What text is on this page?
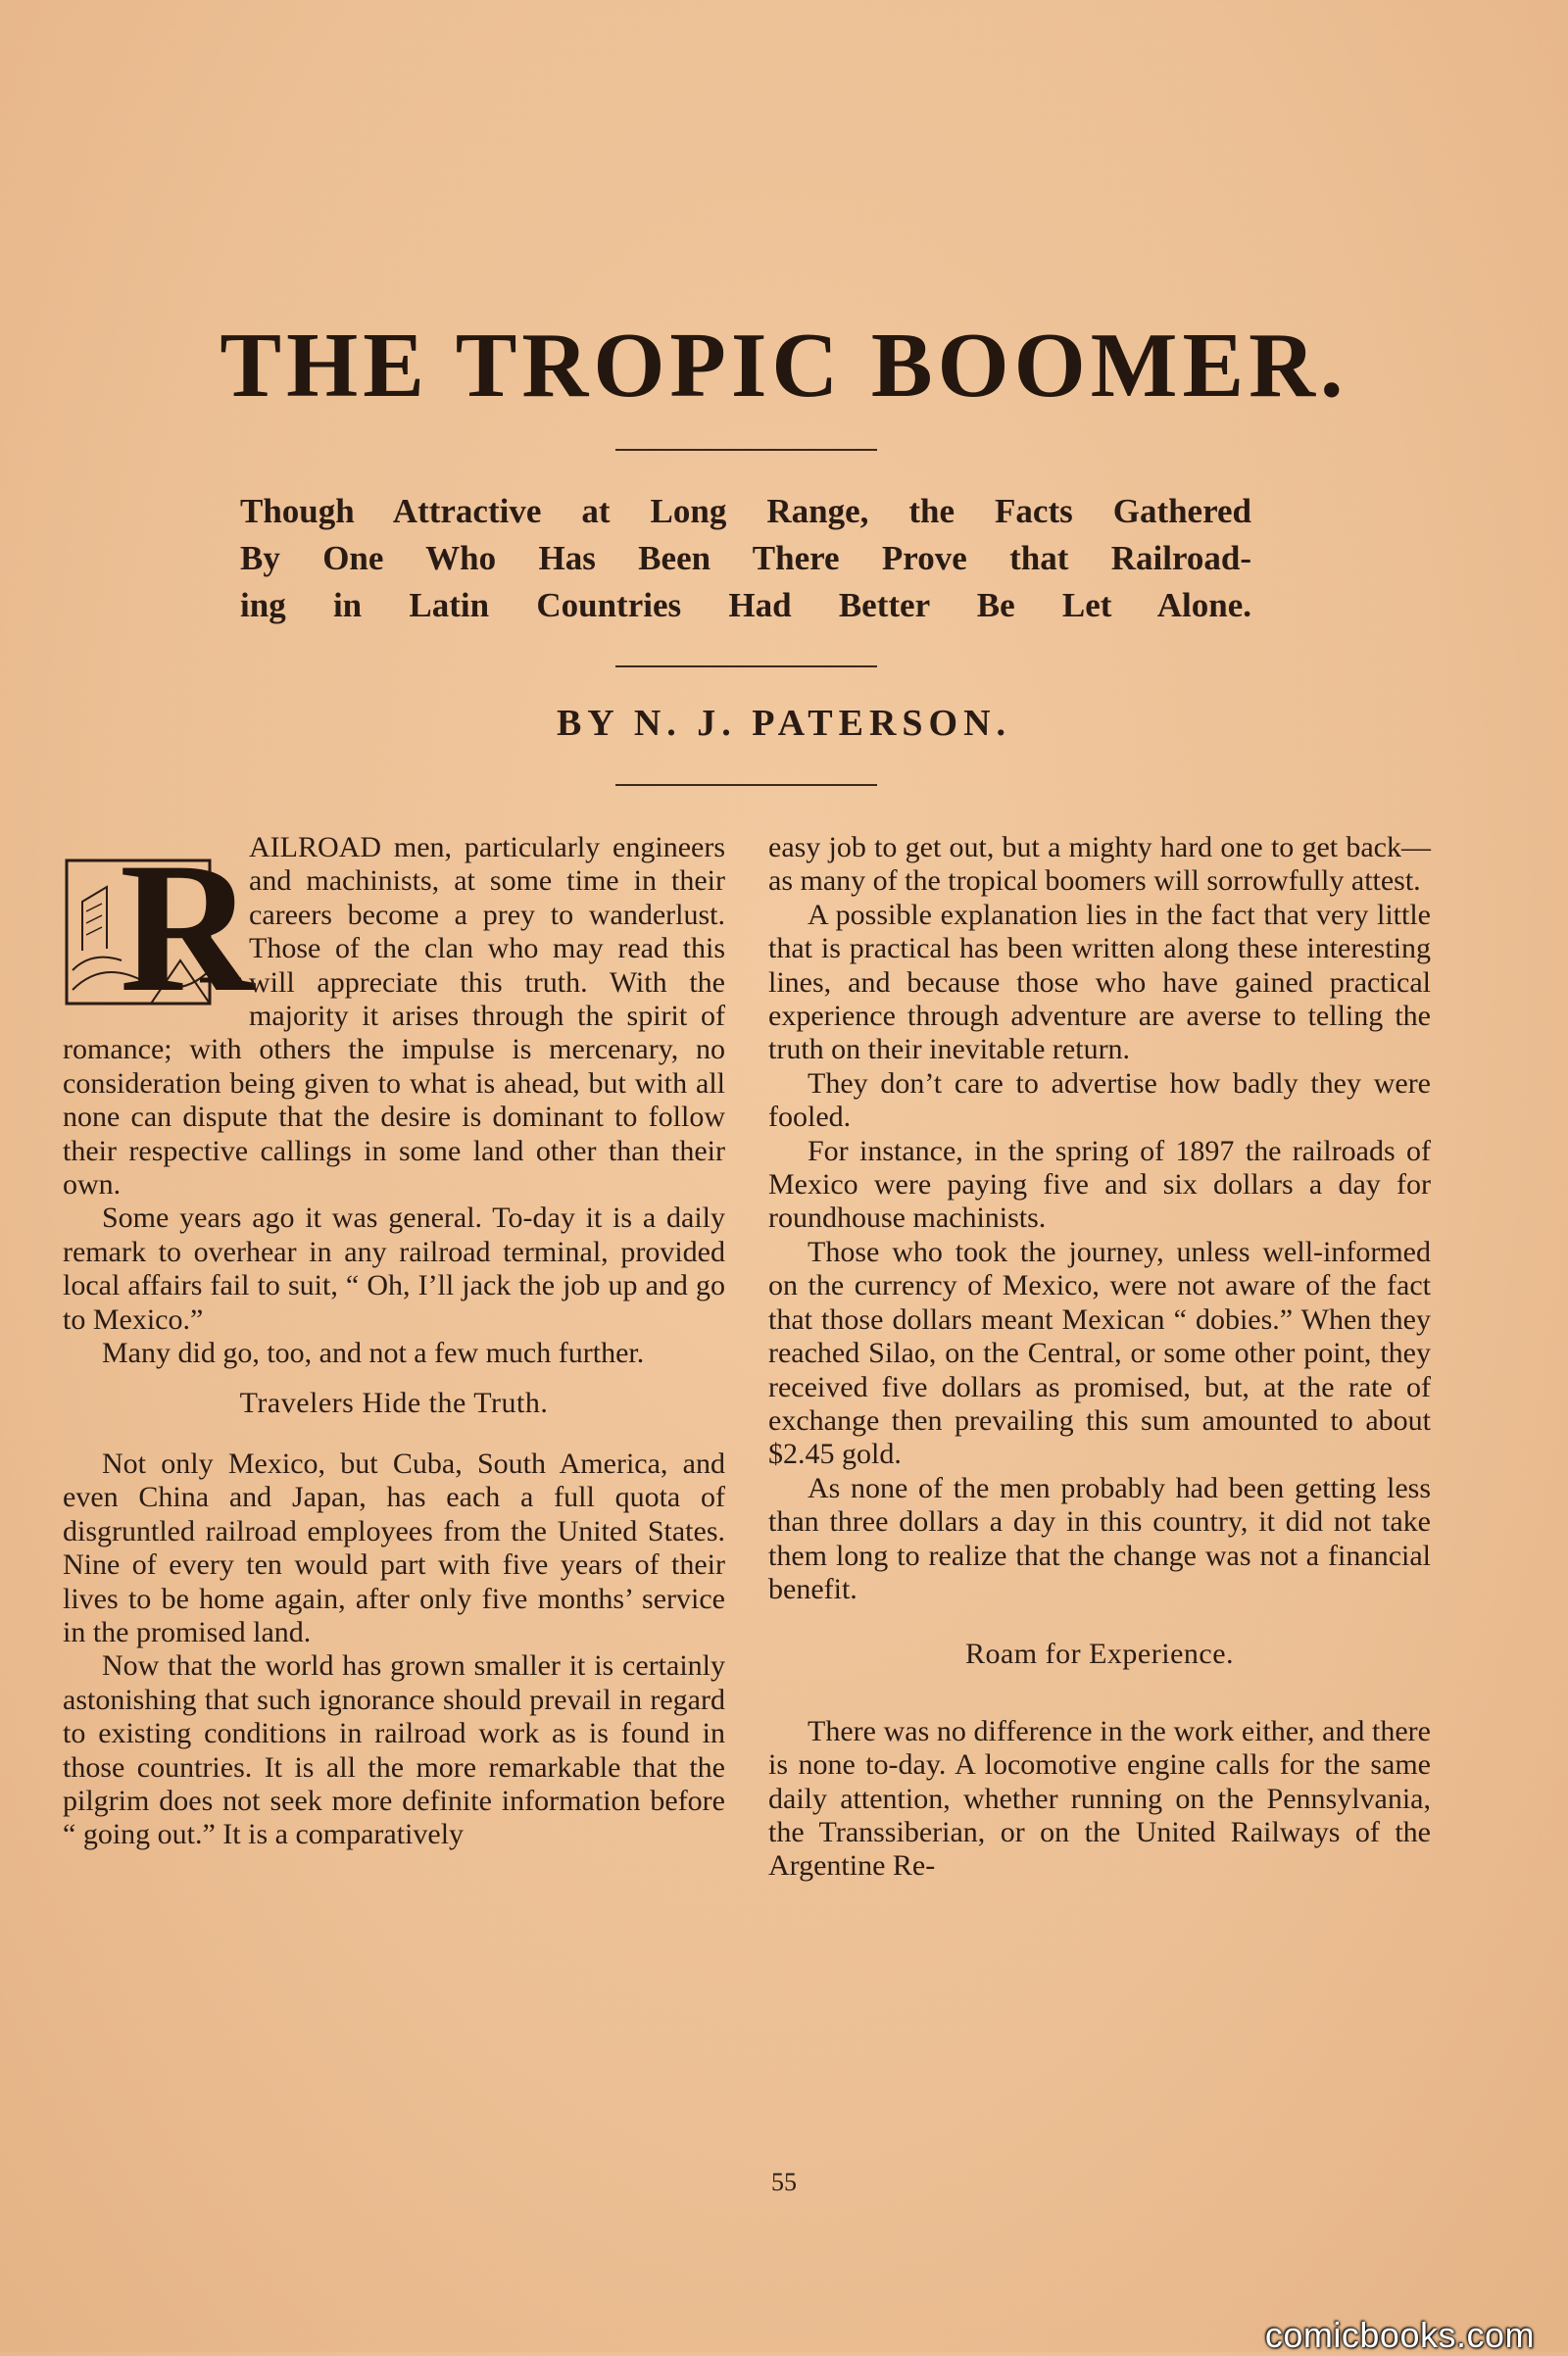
THE TROPIC BOOMER.
Though Attractive at Long Range, the Facts Gathered
By One Who Has Been There Prove that Railroad-
ing in Latin Countries Had Better Be Let Alone.
BY N. J. PATERSON.
R

AILROAD men, particularly engineers and machinists, at some time in their careers become a prey to wanderlust. Those of the clan who may read this will appreciate this truth. With the majority it arises through the spirit of romance; with others the impulse is mercenary, no consideration being given to what is ahead, but with all none can dispute that the desire is dominant to follow their respective callings in some land other than their own.

Some years ago it was general. To-day it is a daily remark to overhear in any railroad terminal, provided local affairs fail to suit, “ Oh, I’ll jack the job up and go to Mexico.”

Many did go, too, and not a few much further.

Travelers Hide the Truth.

Not only Mexico, but Cuba, South America, and even China and Japan, has each a full quota of disgruntled railroad employees from the United States. Nine of every ten would part with five years of their lives to be home again, after only five months’ service in the promised land.

Now that the world has grown smaller it is certainly astonishing that such ignorance should prevail in regard to existing conditions in railroad work as is found in those countries. It is all the more remarkable that the pilgrim does not seek more definite information before “ going out.” It is a comparatively

easy job to get out, but a mighty hard one to get back—as many of the tropical boomers will sorrowfully attest.

A possible explanation lies in the fact that very little that is practical has been written along these interesting lines, and because those who have gained practical experience through adventure are averse to telling the truth on their inevitable return.

They don’t care to advertise how badly they were fooled.

For instance, in the spring of 1897 the railroads of Mexico were paying five and six dollars a day for roundhouse machinists.

Those who took the journey, unless well-informed on the currency of Mexico, were not aware of the fact that those dollars meant Mexican “ dobies.” When they reached Silao, on the Central, or some other point, they received five dollars as promised, but, at the rate of exchange then prevailing this sum amounted to about $2.45 gold.

As none of the men probably had been getting less than three dollars a day in this country, it did not take them long to realize that the change was not a financial benefit.

Roam for Experience.

There was no difference in the work either, and there is none to-day. A locomotive engine calls for the same daily attention, whether running on the Pennsylvania, the Transsiberian, or on the United Railways of the Argentine Re-

55
comicbooks.com
